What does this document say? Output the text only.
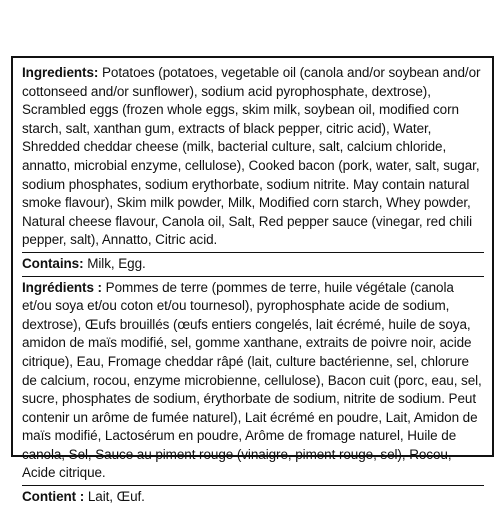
Ingredients: Potatoes (potatoes, vegetable oil (canola and/or soybean and/or cottonseed and/or sunflower), sodium acid pyrophosphate, dextrose), Scrambled eggs (frozen whole eggs, skim milk, soybean oil, modified corn starch, salt, xanthan gum, extracts of black pepper, citric acid), Water, Shredded cheddar cheese (milk, bacterial culture, salt, calcium chloride, annatto, microbial enzyme, cellulose), Cooked bacon (pork, water, salt, sugar, sodium phosphates, sodium erythorbate, sodium nitrite. May contain natural smoke flavour), Skim milk powder, Milk, Modified corn starch, Whey powder, Natural cheese flavour, Canola oil, Salt, Red pepper sauce (vinegar, red chili pepper, salt), Annatto, Citric acid.

Contains: Milk, Egg.

Ingrédients : Pommes de terre (pommes de terre, huile végétale (canola et/ou soya et/ou coton et/ou tournesol), pyrophosphate acide de sodium, dextrose), Œufs brouillés (œufs entiers congelés, lait écrémé, huile de soya, amidon de maïs modifié, sel, gomme xanthane, extraits de poivre noir, acide citrique), Eau, Fromage cheddar râpé (lait, culture bactérienne, sel, chlorure de calcium, rocou, enzyme microbienne, cellulose), Bacon cuit (porc, eau, sel, sucre, phosphates de sodium, érythorbate de sodium, nitrite de sodium. Peut contenir un arôme de fumée naturel), Lait écrémé en poudre, Lait, Amidon de maïs modifié, Lactosérum en poudre, Arôme de fromage naturel, Huile de canola, Sel, Sauce au piment rouge (vinaigre, piment rouge, sel), Rocou, Acide citrique.

Contient : Lait, Œuf.
